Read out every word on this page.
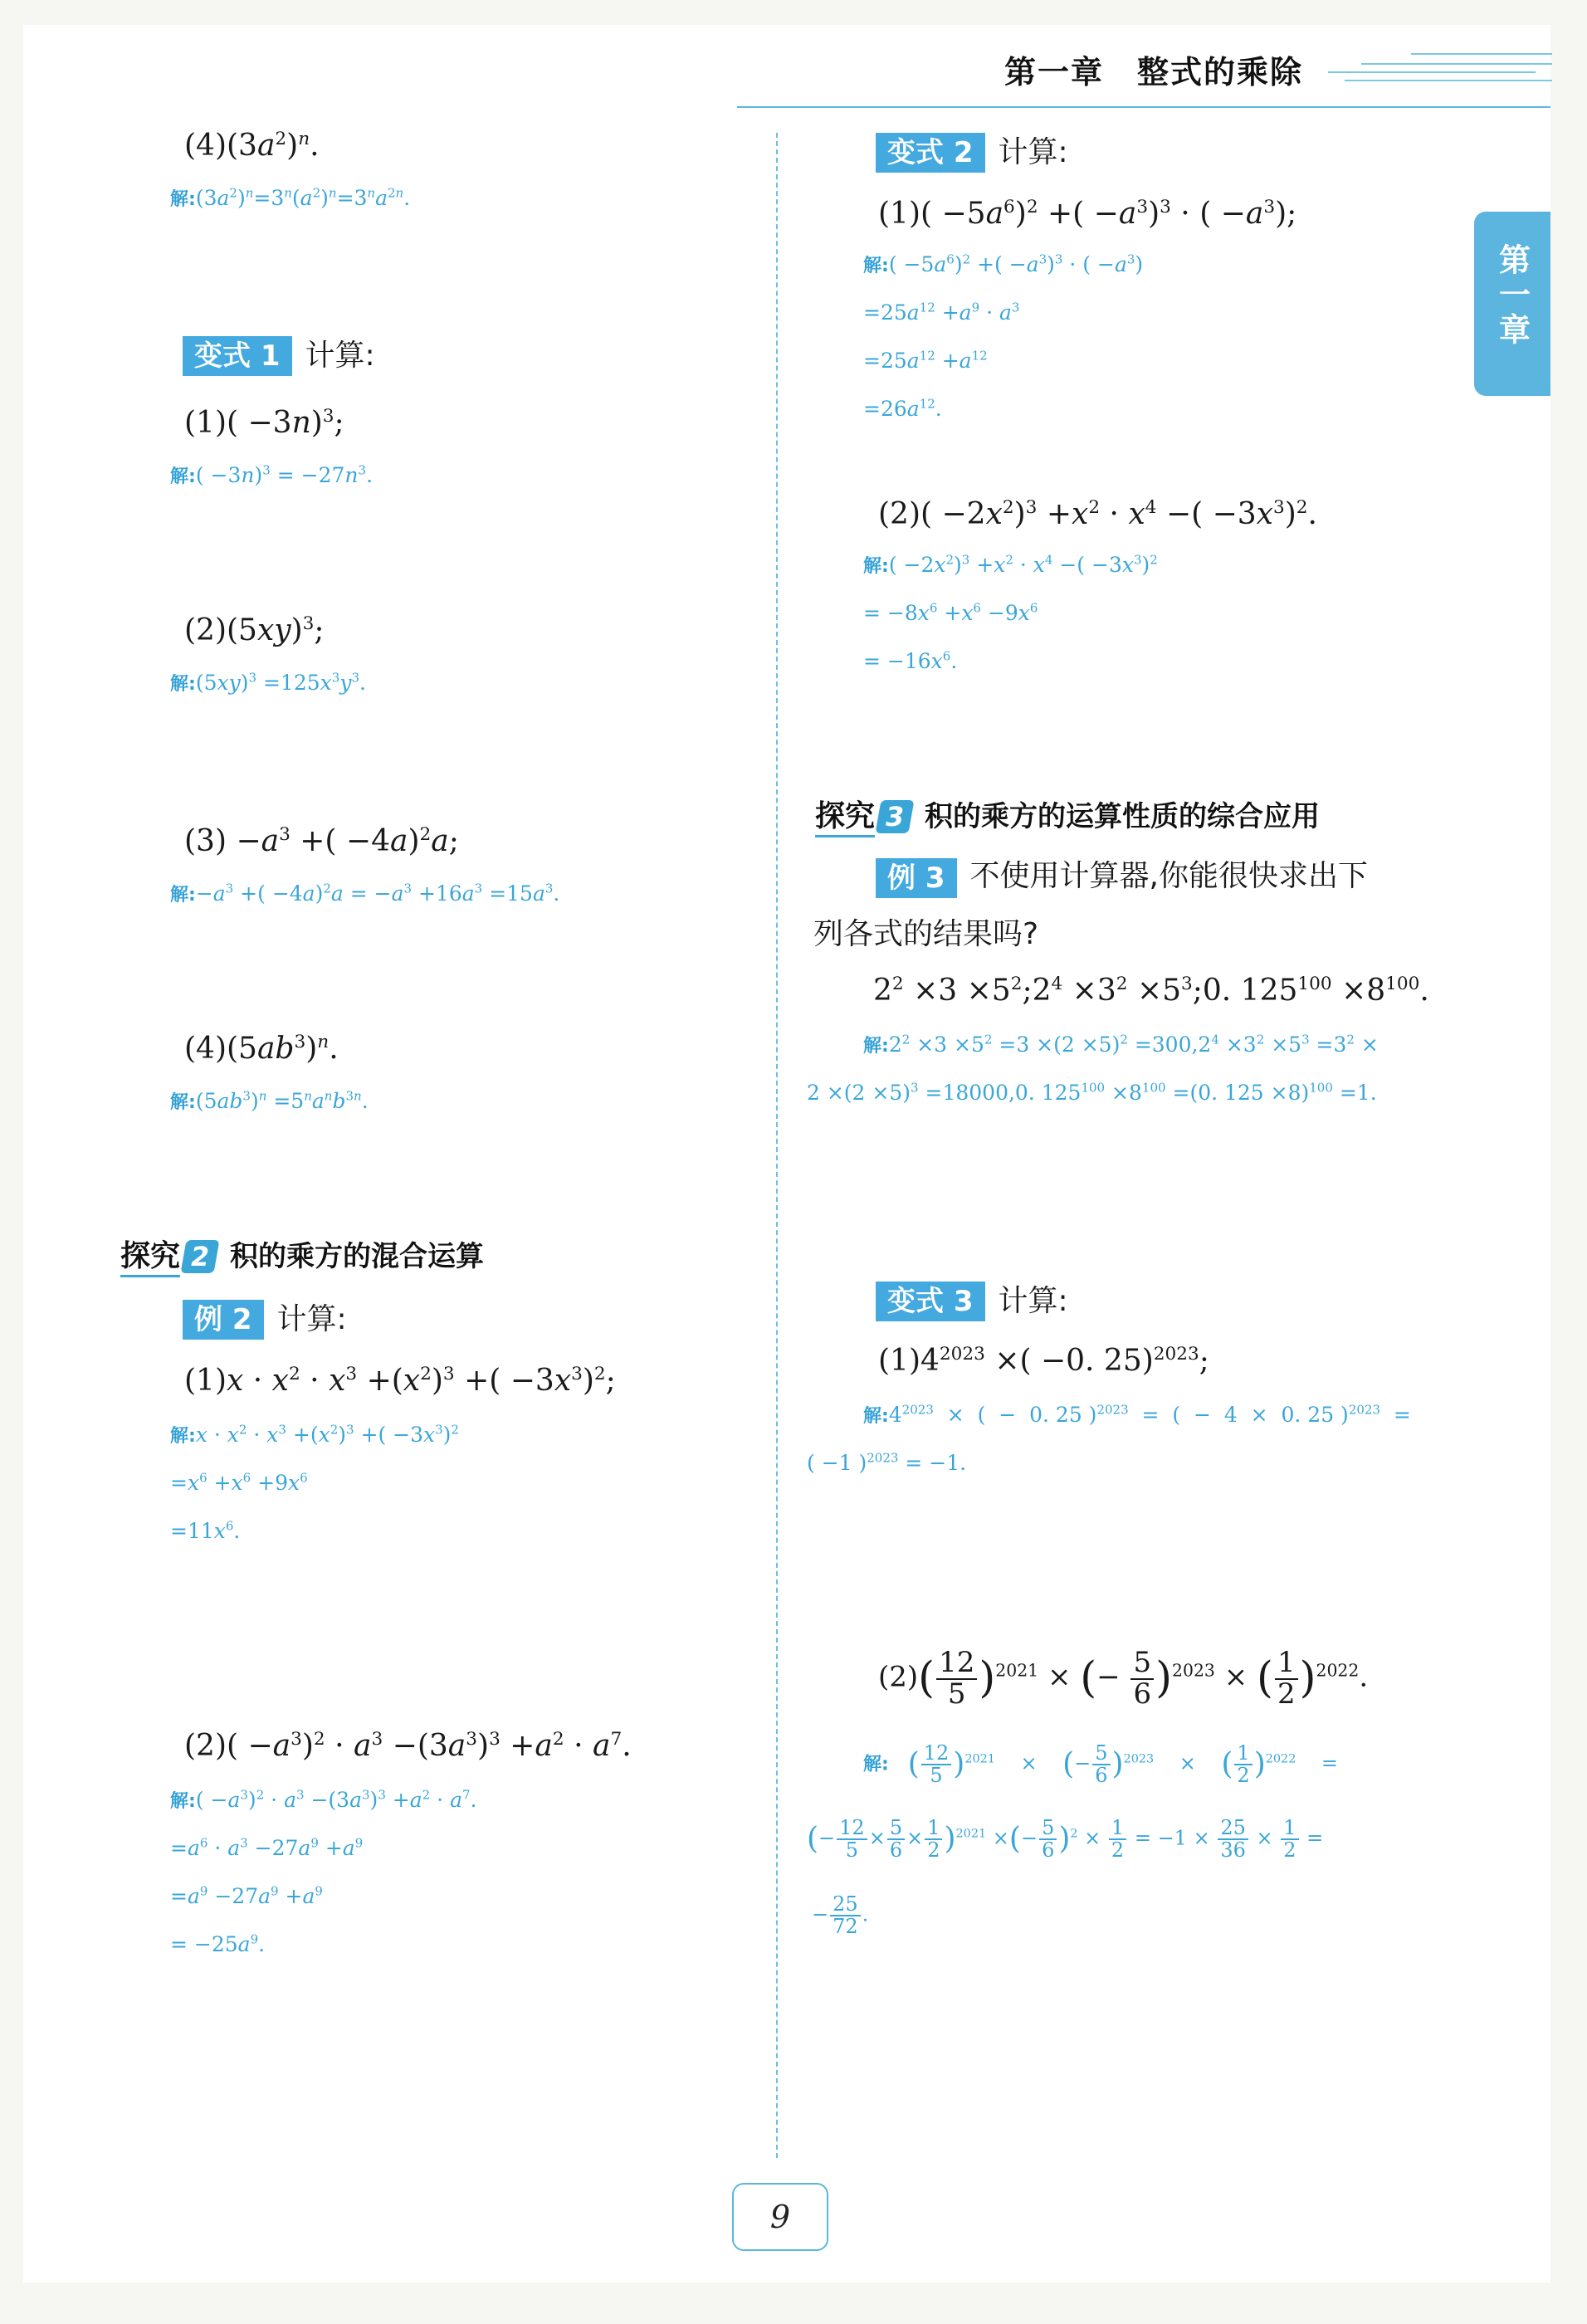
第一章 整式的乘除
第一章
$(4)(3a^2)^n$.
解$:(3a^2)^n=3^n(a^2)^n=3^na^{2n}$.
变式 1 计算:
$(1)( -3n)^3$;
解:( $-3n)^3 = -27n^3$.
$(2)(5xy)^3$;
解$:(5xy)^3 =125x^3y^3$.
$(3) -a^3$ +( −4a)$^2$a;
解$:-a^3$ +( $-4a)^2a = -a^3 +16a^3 =15a^3$.
$(4)(5ab^3)^n$.
解$:(5ab^3)^n =5^na^nb^{3n}$.
探究 2 积的乘方的混合运算
例 2 计算:
$(1)x \cdot x^2 \cdot x^3 +(x^2)^3$ +( $-3x^3)^2$;
解:x · $x^2 \cdot x^3 +(x^2)^3$ +( $-3x^3)^2$
$=x^6 +x^6 +9x^6$
$=11x^6$.
$(2)( -a^3)^2 \cdot a^3 -(3a^3)^3 +a^2 \cdot a^7$.
解:( $-a^3)^2 \cdot a^3 -(3a^3)^3 +a^2 \cdot a^7$.
$=a^6 \cdot a^3 -27a^9 +a^9$
$=a^9 -27a^9 +a^9$
= $-25a^9$.
变式 2 计算:
$(1)( -5a^6)^2$ +( $-a^3)^3$ · ( $-a^3$);
解:( $-5a^6)^2$ +( $-a^3)^3$ · ( $-a^3$)
$=25a^{12} +a^9 \cdot a^3$
$=25a^{12} +a^{12}$
$=26a^{12}$.
$(2)( -2x^2)^3 +x^2 \cdot x^4$ −( $-3x^3)^2$.
解:( $-2x^2)^3 +x^2 \cdot x^4$ −( $-3x^3)^2$
= $-8x^6 +x^6 -9x^6$
= $-16x^6$.
探究 3 积的乘方的运算性质的综合应用
例 3 不使用计算器,你能很快求出下
列各式的结果吗?
$2^2 \times 3$ $\times 5^2;2^4 \times 3^2$ $\times 5^3;0$. $125^{100} \times 8^{100}$.
解$:2^2 \times 3 \times 5^2 =3 \times(2 \times 5)^2 =300,2^4 \times 3^2 \times 5^3 =3^2$ ×
$2 \times(2 \times 5)^3 =18000,0$. $125^{100} \times 8^{100} =(0$. 125 ×8)$^{100}$ =1.
变式 3 计算:
$(1)4^{2023}$ ×( −0. 25)$^{2023}$;
解$:4^{2023}$  ×  (  −  0. 25 )$^{2023}$  =  (  −  4  ×  0. 25 )$^{2023}$  =
( −1 )$^{2023}$ = −1.
$(2)( \frac{12}{5} )^{2021}$ × (− $\frac{5}{6} )^{2023}$ × ( $\frac{1}{2} )^{2022}$.
解: ( $\frac{12}{5} )^{2021}$    ×    (− $\frac{5}{6} )^{2023}$    ×    ( $\frac{1}{2} )^{2022}$    =
(− $\frac{12}{5} \times \frac{5}{6} \times \frac{1}{2} )^{2021}$ ×(− $\frac{5}{6} )^2 \times \frac{1}{2} = -1 \times \frac{25}{36} \times \frac{1}{2}$ =
− $\frac{25}{72}$ .
9
